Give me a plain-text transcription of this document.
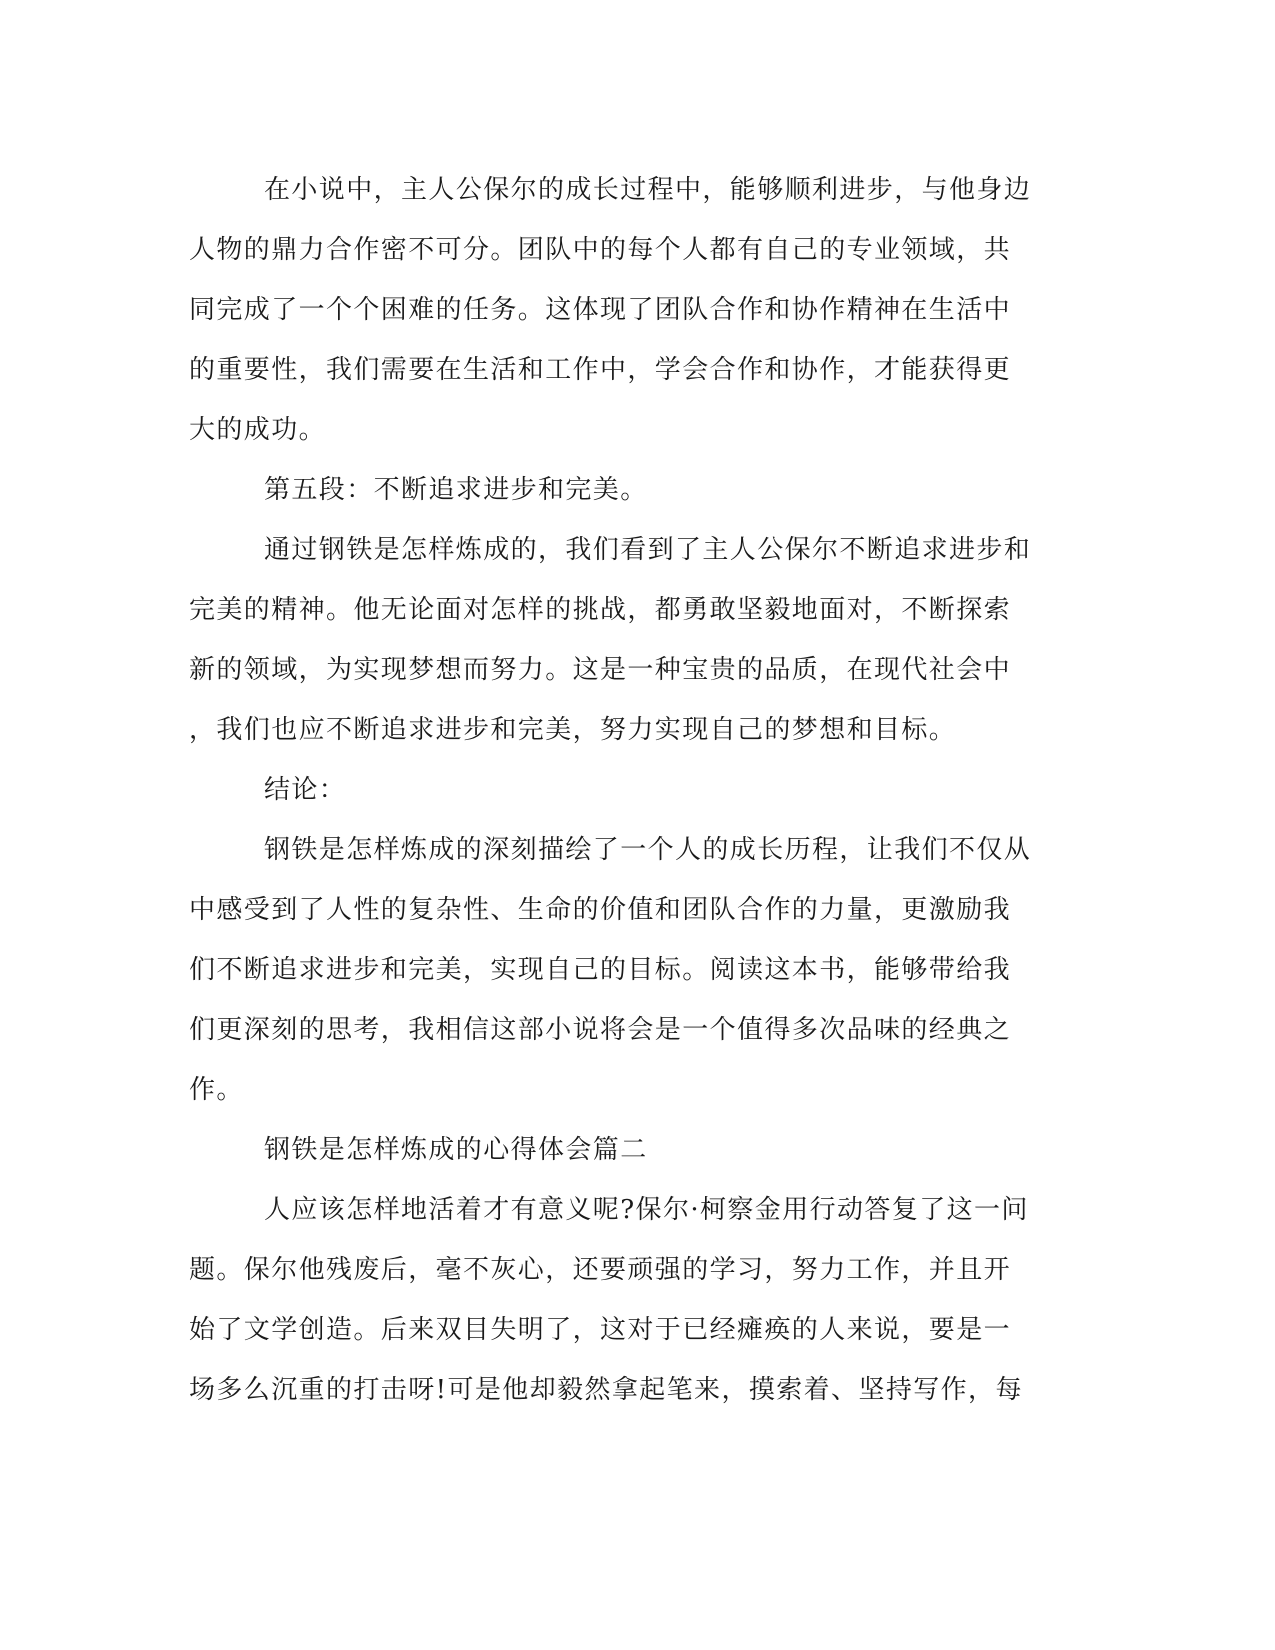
在小说中，主人公保尔的成长过程中，能够顺利进步，与他身边
人物的鼎力合作密不可分。团队中的每个人都有自己的专业领域，共
同完成了一个个困难的任务。这体现了团队合作和协作精神在生活中
的重要性，我们需要在生活和工作中，学会合作和协作，才能获得更
大的成功。
第五段：不断追求进步和完美。
通过钢铁是怎样炼成的，我们看到了主人公保尔不断追求进步和
完美的精神。他无论面对怎样的挑战，都勇敢坚毅地面对，不断探索
新的领域，为实现梦想而努力。这是一种宝贵的品质，在现代社会中
，我们也应不断追求进步和完美，努力实现自己的梦想和目标。
结论：
钢铁是怎样炼成的深刻描绘了一个人的成长历程，让我们不仅从
中感受到了人性的复杂性、生命的价值和团队合作的力量，更激励我
们不断追求进步和完美，实现自己的目标。阅读这本书，能够带给我
们更深刻的思考，我相信这部小说将会是一个值得多次品味的经典之
作。
钢铁是怎样炼成的心得体会篇二
人应该怎样地活着才有意义呢?保尔·柯察金用行动答复了这一问
题。保尔他残废后，毫不灰心，还要顽强的学习，努力工作，并且开
始了文学创造。后来双目失明了，这对于已经瘫痪的人来说，要是一
场多么沉重的打击呀!可是他却毅然拿起笔来，摸索着、坚持写作，每
